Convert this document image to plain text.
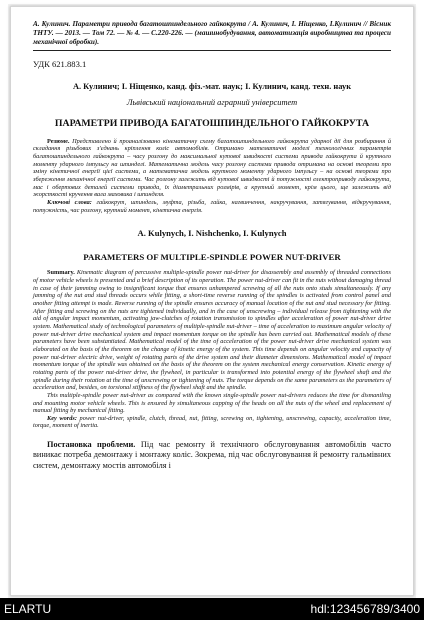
А. Кулинич. Параметри привода багатошпиндельного гайкокрута / А. Кулинич, І. Ніщенко, І.Кулинич // Вісник ТНТУ. — 2013. — Том 72. — № 4. — С.220-226. — (машинобудування, автоматизація виробництва та процеси механічної обробки).
УДК 621.883.1
А. Кулинич; І. Ніщенко, канд. фіз.-мат. наук; І. Кулинич, канд. техн. наук
Львівський національний аграрний університет
ПАРАМЕТРИ ПРИВОДА БАГАТОШПИНДЕЛЬНОГО ГАЙКОКРУТА

Резюме. Представлено й проаналізовано кінематичну схему багатошпиндельного гайкокрута ударної дії для розбирання й складання різьбових з'єднань кріплення коліс автомобілів. Отримано математичні моделі технологічних параметрів багатошпиндельного гайкокрута – часу розгону до максимальної кутової швидкості системи привода гайкокрута й крутного моменту ударного імпульсу на шпинделі. Математична модель часу розгону системи привода отримана на основі теореми про зміну кінетичної енергії цієї системи, а математична модель крутного моменту ударного імпульсу – на основі теореми про збереження механічної енергії системи. Час розгону залежить від кутової швидкості й потужності електроприводу гайкокрута, мас і обертових деталей системи привода, їх діаметральних розмірів, а крутний момент, крім цього, ще залежить від жорсткості кручення вала маховика і шпинделя.

Ключові слова: гайкокрут, шпиндель, муфта, різьба, гайка, нагвинчення, накручування, затягування, відкручування, потужність, час розгону, крутний момент, кінетична енергія.

A. Kulynych, I. Nishchenko, I. Kulynych
PARAMETERS OF MULTIPLE-SPINDLE POWER NUT-DRIVER

Summary. Kinematic diagram of percussive multiple-spindle power nut-driver for disassembly and assembly of threaded connections of motor vehicle wheels is presented and a brief description of its operation. The power nut-driver can fit in the nuts without damaging thread in case of their jamming owing to insignificant torque that ensures unhampered screwing of all the nuts onto studs simultaneously. If any jamming of the nut and stud threads occurs while fitting, a short-time reverse running of the spindles is activated from control panel and another fitting attempt is made. Reverse running of the spindle ensures accuracy of manual location of the nut and stud necessary for fitting. After fitting and screwing on the nuts are tightened individually, and in the case of unscrewing – individual release from tightening with the aid of angular impact momentum, activating jaw-clutches of rotation transmission to spindles after acceleration of power nut-driver drive system. Mathematical study of technological parameters of multiple-spindle nut-driver – time of acceleration to maximum angular velocity of power nut-driver drive mechanical system and impact momentum torque on the spindle has been carried out. Mathematical models of these parameters have been substantiated. Mathematical model of the time of acceleration of the power nut-driver drive mechanical system was elaborated on the basis of the theorem on the change of kinetic energy of the system. This time depends on angular velocity and capacity of power nut-driver electric drive, weight of rotating parts of the drive system and their diameter dimensions. Mathematical model of impact momentum torque of the spindle was obtained on the basis of the theorem on the system mechanical energy conservation. Kinetic energy of rotating parts of the power nut-driver drive, the flywheel, in particular is transformed into potential energy of the flywheel shaft and the spindle during their rotation at the time of unscrewing or tightening of nuts. The torque depends on the same parameters as the parameters of acceleration and, besides, on torsional stiffness of the flywheel shaft and the spindle.

This multiple-spindle power nut-driver as compared with the known single-spindle power nut-drivers reduces the time for dismantling and mounting motor vehicle wheels. This is ensured by simultaneous capping of the heads on all the nuts of the wheel and replacement of manual fitting by mechanical fitting.

Key words: power nut-driver, spindle, clutch, thread, nut, fitting, screwing on, tightening, unscrewing, capacity, acceleration time, torque, moment of inertia.

Постановка проблеми. Під час ремонту й технічного обслуговування автомобілів часто виникає потреба демонтажу і монтажу коліс. Зокрема, під час обслуговування й ремонту гальмівних систем, демонтажу мостів автомобіля і

ELARTU	hdl:123456789/3400
